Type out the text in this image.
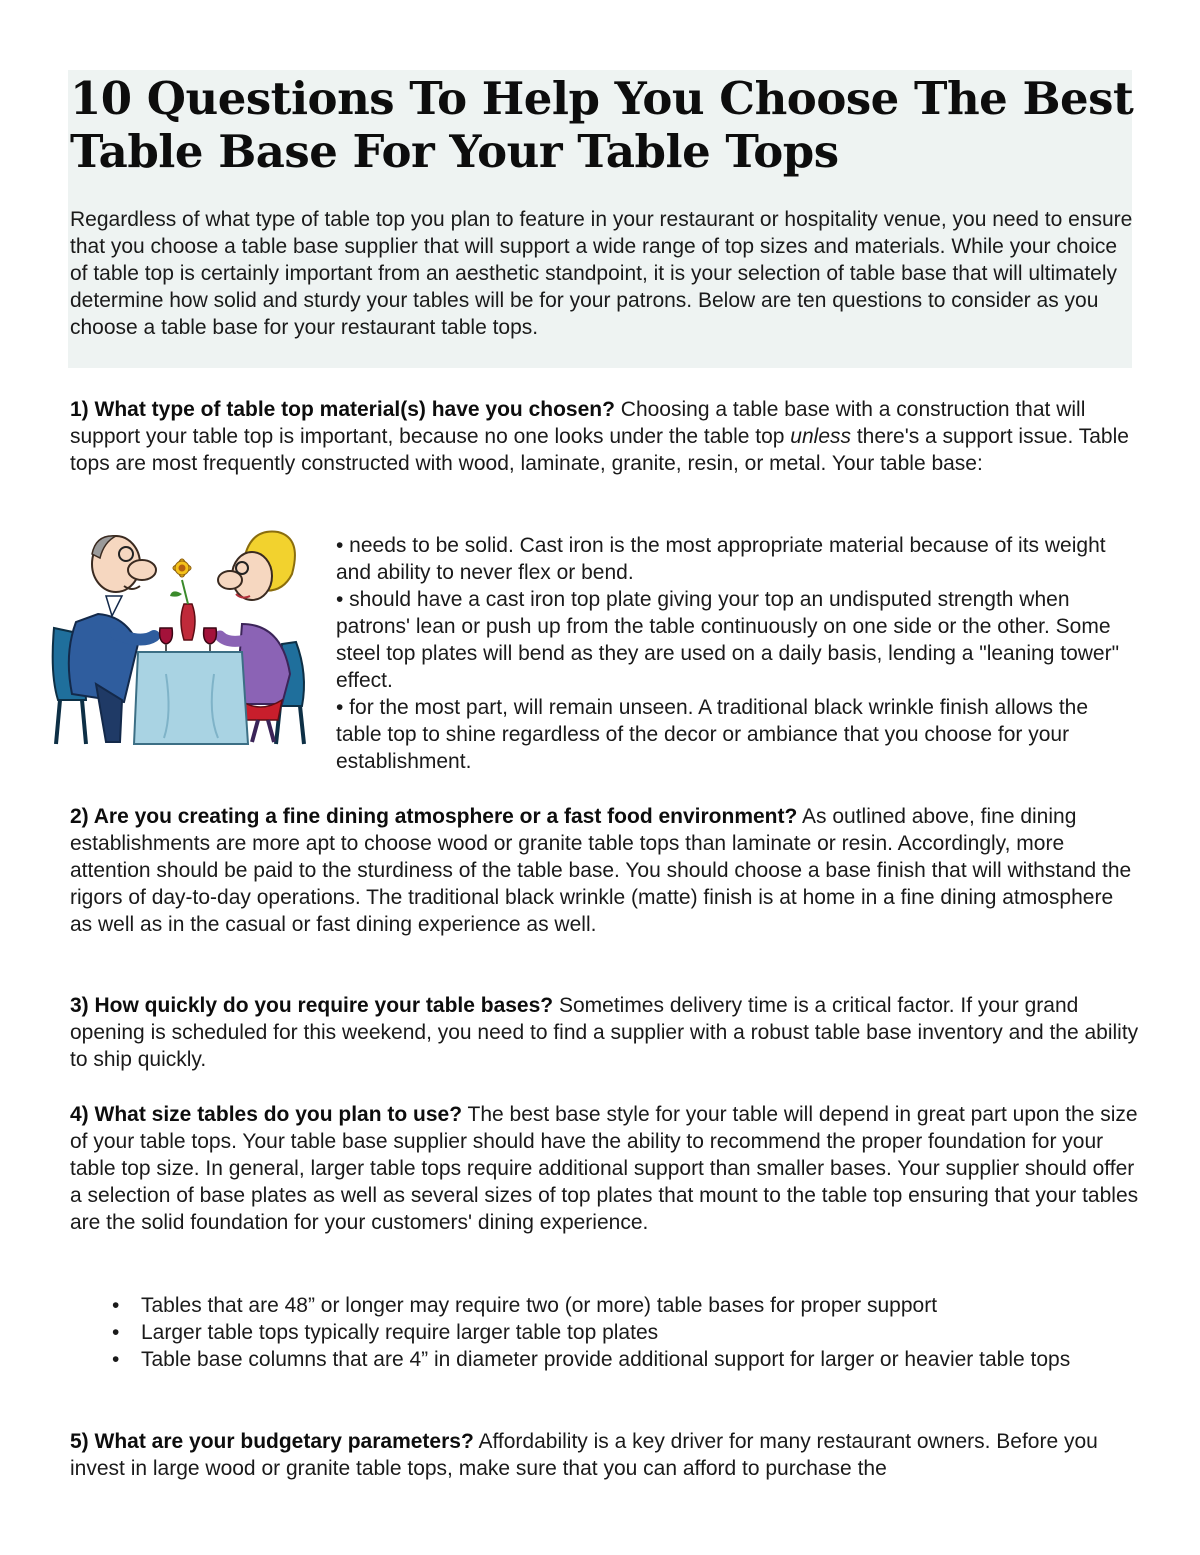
10 Questions To Help You Choose The Best Table Base For Your Table Tops

Regardless of what type of table top you plan to feature in your restaurant or hospitality venue, you need to ensure that you choose a table base supplier that will support a wide range of top sizes and materials. While your choice of table top is certainly important from an aesthetic standpoint, it is your selection of table base that will ultimately determine how solid and sturdy your tables will be for your patrons. Below are ten questions to consider as you choose a table base for your restaurant table tops.

1) What type of table top material(s) have you chosen? Choosing a table base with a construction that will support your table top is important, because no one looks under the table top unless there's a support issue. Table tops are most frequently constructed with wood, laminate, granite, resin, or metal. Your table base:

• needs to be solid. Cast iron is the most appropriate material because of its weight and ability to never flex or bend.

• should have a cast iron top plate giving your top an undisputed strength when patrons' lean or push up from the table continuously on one side or the other. Some steel top plates will bend as they are used on a daily basis, lending a "leaning tower" effect.

• for the most part, will remain unseen. A traditional black wrinkle finish allows the table top to shine regardless of the decor or ambiance that you choose for your establishment.

2) Are you creating a fine dining atmosphere or a fast food environment? As outlined above, fine dining establishments are more apt to choose wood or granite table tops than laminate or resin. Accordingly, more attention should be paid to the sturdiness of the table base. You should choose a base finish that will withstand the rigors of day-to-day operations. The traditional black wrinkle (matte) finish is at home in a fine dining atmosphere as well as in the casual or fast dining experience as well.

3) How quickly do you require your table bases? Sometimes delivery time is a critical factor. If your grand opening is scheduled for this weekend, you need to find a supplier with a robust table base inventory and the ability to ship quickly.

4) What size tables do you plan to use? The best base style for your table will depend in great part upon the size of your table tops. Your table base supplier should have the ability to recommend the proper foundation for your table top size. In general, larger table tops require additional support than smaller bases. Your supplier should offer a selection of base plates as well as several sizes of top plates that mount to the table top ensuring that your tables are the solid foundation for your customers' dining experience.

• Tables that are 48” or longer may require two (or more) table bases for proper support
• Larger table tops typically require larger table top plates
• Table base columns that are 4” in diameter provide additional support for larger or heavier table tops

5) What are your budgetary parameters? Affordability is a key driver for many restaurant owners. Before you invest in large wood or granite table tops, make sure that you can afford to purchase the
